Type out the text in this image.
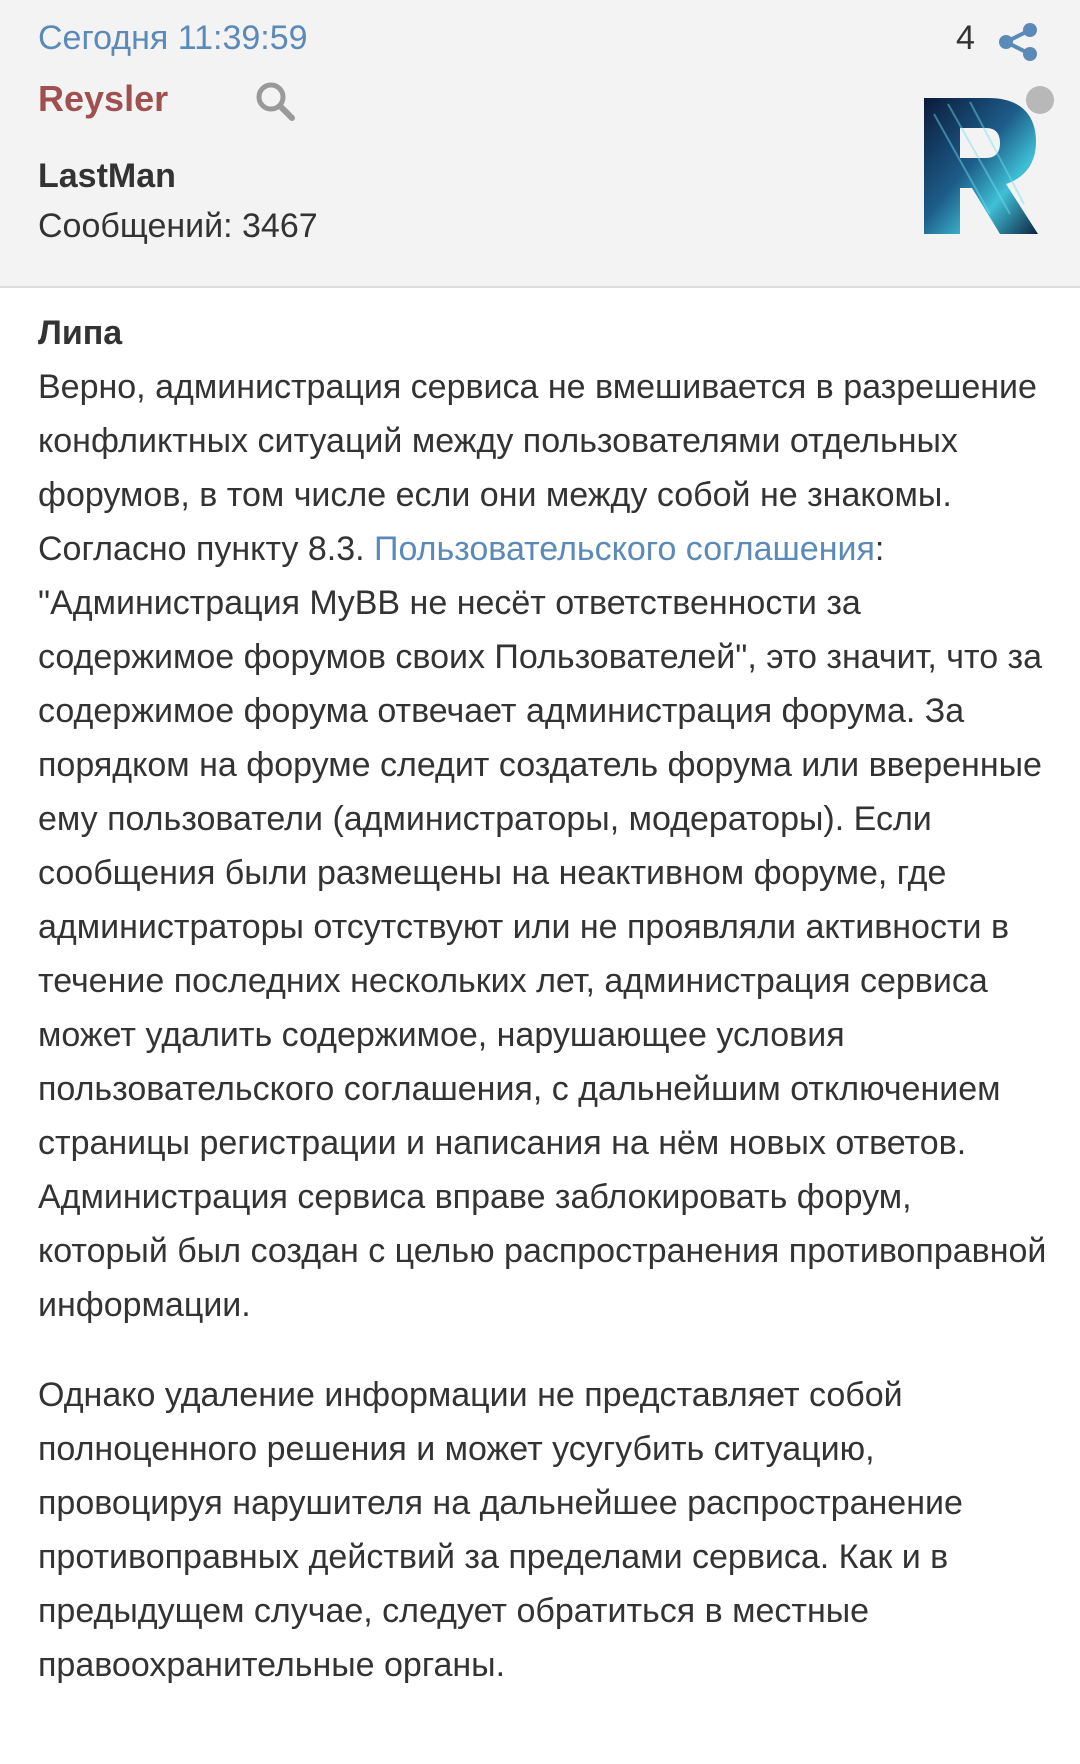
Сегодня 11:39:59	4
Reysler
LastMan
Сообщений: 3467
R
Липа

Верно, администрация сервиса не вмешивается в разрешение конфликтных ситуаций между пользователями отдельных форумов, в том числе если они между собой не знакомы.

Согласно пункту 8.3. Пользовательского соглашения:

"Администрация MyBB не несёт ответственности за содержимое форумов своих Пользователей", это значит, что за содержимое форума отвечает администрация форума. За порядком на форуме следит создатель форума или вверенные ему пользователи (администраторы, модераторы). Если сообщения были размещены на неактивном форуме, где администраторы отсутствуют или не проявляли активности в течение последних нескольких лет, администрация сервиса может удалить содержимое, нарушающее условия пользовательского соглашения, с дальнейшим отключением страницы регистрации и написания на нём новых ответов. Администрация сервиса вправе заблокировать форум, который был создан с целью распространения противоправной информации.

Однако удаление информации не представляет собой полноценного решения и может усугубить ситуацию, провоцируя нарушителя на дальнейшее распространение противоправных действий за пределами сервиса. Как и в предыдущем случае, следует обратиться в местные правоохранительные органы.
